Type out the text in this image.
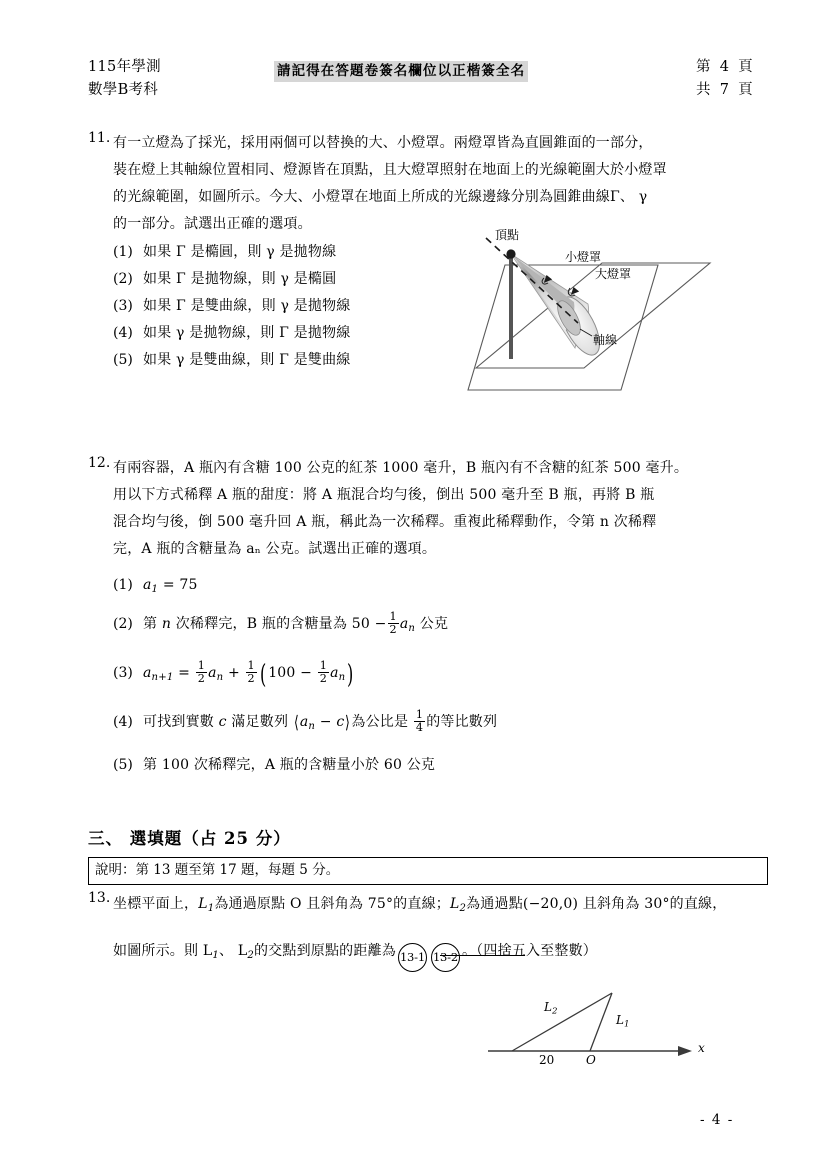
115年學測
數學B考科
請記得在答題卷簽名欄位以正楷簽全名	第  4  頁
共  7  頁
11. 有一立燈為了採光，採用兩個可以替換的大、小燈罩。兩燈罩皆為直圓錐面的一部分，
裝在燈上其軸線位置相同、燈源皆在頂點，且大燈罩照射在地面上的光線範圍大於小燈罩
的光線範圍，如圖所示。今大、小燈罩在地面上所成的光線邊緣分別為圓錐曲線Γ、 γ
的一部分。試選出正確的選項。
(1) 如果 Γ 是橢圓，則 γ 是拋物線
(2) 如果 Γ 是拋物線，則 γ 是橢圓
(3) 如果 Γ 是雙曲線，則 γ 是拋物線
(4) 如果 γ 是拋物線，則 Γ 是拋物線
(5) 如果 γ 是雙曲線，則 Γ 是雙曲線
頂點
小燈罩
大燈罩
軸線
12. 有兩容器，A 瓶內有含糖 100 公克的紅茶 1000 毫升，B 瓶內有不含糖的紅茶 500 毫升。
用以下方式稀釋 A 瓶的甜度：將 A 瓶混合均勻後，倒出 500 毫升至 B 瓶，再將 B 瓶
混合均勻後，倒 500 毫升回 A 瓶，稱此為一次稀釋。重複此稀釋動作，令第 n 次稀釋
完，A 瓶的含糖量為 aₙ 公克。試選出正確的選項。
(1) $a_1 = 75$
(2) 第 n 次稀釋完，B 瓶的含糖量為 $50 - \frac{1}{2} a_n$ 公克
(3) $a_{n+1} = \frac{1}{2} a_n + \frac{1}{2}$ ( $100 - \frac{1}{2} a_n$)
(4) 可找到實數 c 滿足數列 $⟨a_n$ − c⟩為公比是 $\frac{1}{4}$ 的等比數列
(5) 第 100 次稀釋完，A 瓶的含糖量小於 60 公克
三、 選填題（占 25 分）
說明：第 13 題至第 17 題，每題 5 分。
13. 坐標平面上，$L_1$為通過原點 O 且斜角為 75°的直線；$L_2$為通過點(−20,0) 且斜角為 30°的直線，
如圖所示。則 $L_1$、 $L_2$的交點到原點的距離為 13-1 13-2 。（四捨五入至整數）
$L_2$
$L_1$
20	O
x
- 4 -
